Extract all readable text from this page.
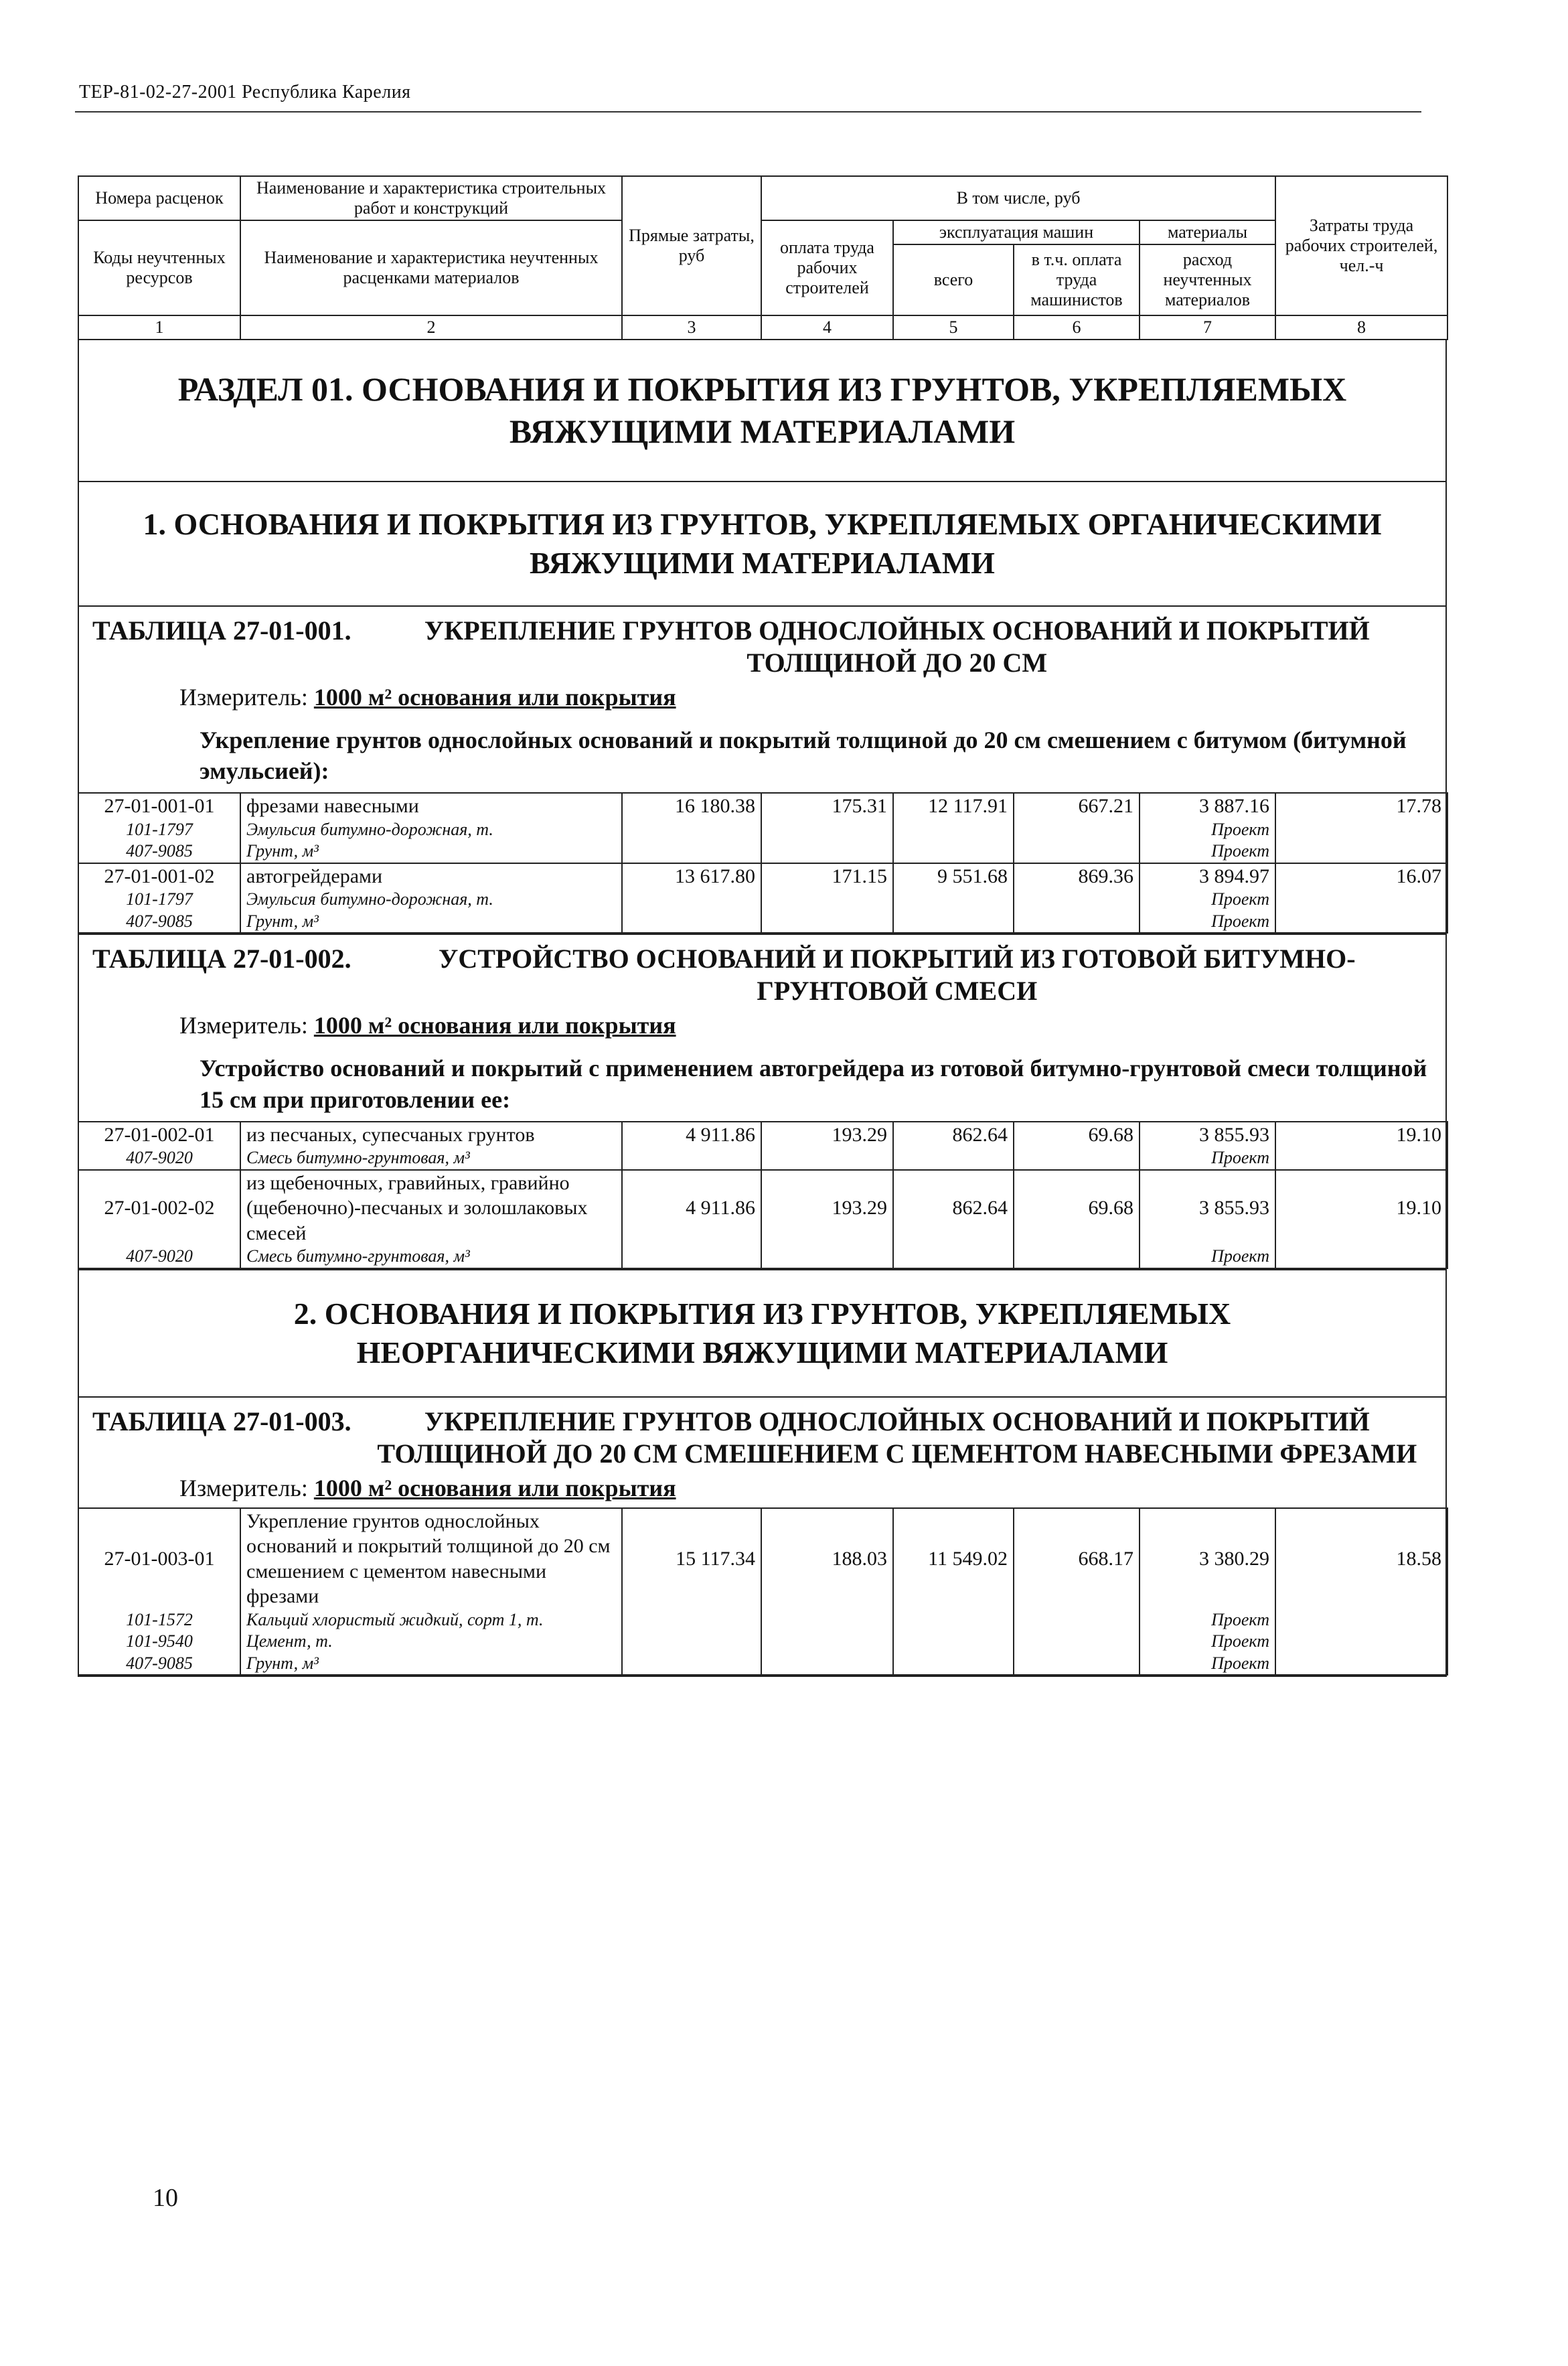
ТЕР-81-02-27-2001 Республика Карелия
Номера расценок	Наименование и характеристика строительных работ и конструкций	Прямые затраты, руб	В том числе, руб				Затраты труда рабочих строителей, чел.-ч
Коды неучтенных ресурсов	Наименование и характеристика неучтенных расценками материалов		оплата труда рабочих строителей	эксплуатация машин		материалы	
				всего	в т.ч. оплата труда машинистов	расход неучтенных материалов	
1	2	3	4	5	6	7	8
РАЗДЕЛ 01. ОСНОВАНИЯ И ПОКРЫТИЯ ИЗ ГРУНТОВ, УКРЕПЛЯЕМЫХ ВЯЖУЩИМИ МАТЕРИАЛАМИ
1. ОСНОВАНИЯ И ПОКРЫТИЯ ИЗ ГРУНТОВ, УКРЕПЛЯЕМЫХ ОРГАНИЧЕСКИМИ ВЯЖУЩИМИ МАТЕРИАЛАМИ
ТАБЛИЦА 27-01-001.	УКРЕПЛЕНИЕ ГРУНТОВ ОДНОСЛОЙНЫХ ОСНОВАНИЙ И ПОКРЫТИЙ ТОЛЩИНОЙ ДО 20 СМ
Измеритель: 1000 м² основания или покрытия
Укрепление грунтов однослойных оснований и покрытий толщиной до 20 см смешением с битумом (битумной эмульсией):
27-01-001-01	фрезами навесными	16 180.38	175.31	12 117.91	667.21	3 887.16	17.78
101-1797	Эмульсия битумно-дорожная, т.					Проект	
407-9085	Грунт, м³					Проект	
27-01-001-02	автогрейдерами	13 617.80	171.15	9 551.68	869.36	3 894.97	16.07
101-1797	Эмульсия битумно-дорожная, т.					Проект	
407-9085	Грунт, м³					Проект	
ТАБЛИЦА 27-01-002.	УСТРОЙСТВО ОСНОВАНИЙ И ПОКРЫТИЙ ИЗ ГОТОВОЙ БИТУМНО-ГРУНТОВОЙ СМЕСИ
Измеритель: 1000 м² основания или покрытия
Устройство оснований и покрытий с применением автогрейдера из готовой битумно-грунтовой смеси толщиной 15 см при приготовлении ее:
27-01-002-01	из песчаных, супесчаных грунтов	4 911.86	193.29	862.64	69.68	3 855.93	19.10
407-9020	Смесь битумно-грунтовая, м³					Проект	
27-01-002-02	из щебеночных, гравийных, гравийно (щебеночно)-песчаных и золошлаковых смесей	4 911.86	193.29	862.64	69.68	3 855.93	19.10
407-9020	Смесь битумно-грунтовая, м³					Проект	
2. ОСНОВАНИЯ И ПОКРЫТИЯ ИЗ ГРУНТОВ, УКРЕПЛЯЕМЫХ НЕОРГАНИЧЕСКИМИ ВЯЖУЩИМИ МАТЕРИАЛАМИ
ТАБЛИЦА 27-01-003.	УКРЕПЛЕНИЕ ГРУНТОВ ОДНОСЛОЙНЫХ ОСНОВАНИЙ И ПОКРЫТИЙ ТОЛЩИНОЙ ДО 20 СМ СМЕШЕНИЕМ С ЦЕМЕНТОМ НАВЕСНЫМИ ФРЕЗАМИ
Измеритель: 1000 м² основания или покрытия
27-01-003-01	Укрепление грунтов однослойных оснований и покрытий толщиной до 20 см смешением с цементом навесными фрезами	15 117.34	188.03	11 549.02	668.17	3 380.29	18.58
101-1572	Кальций хлористый жидкий, сорт 1, т.					Проект	
101-9540	Цемент, т.					Проект	
407-9085	Грунт, м³					Проект	
10
